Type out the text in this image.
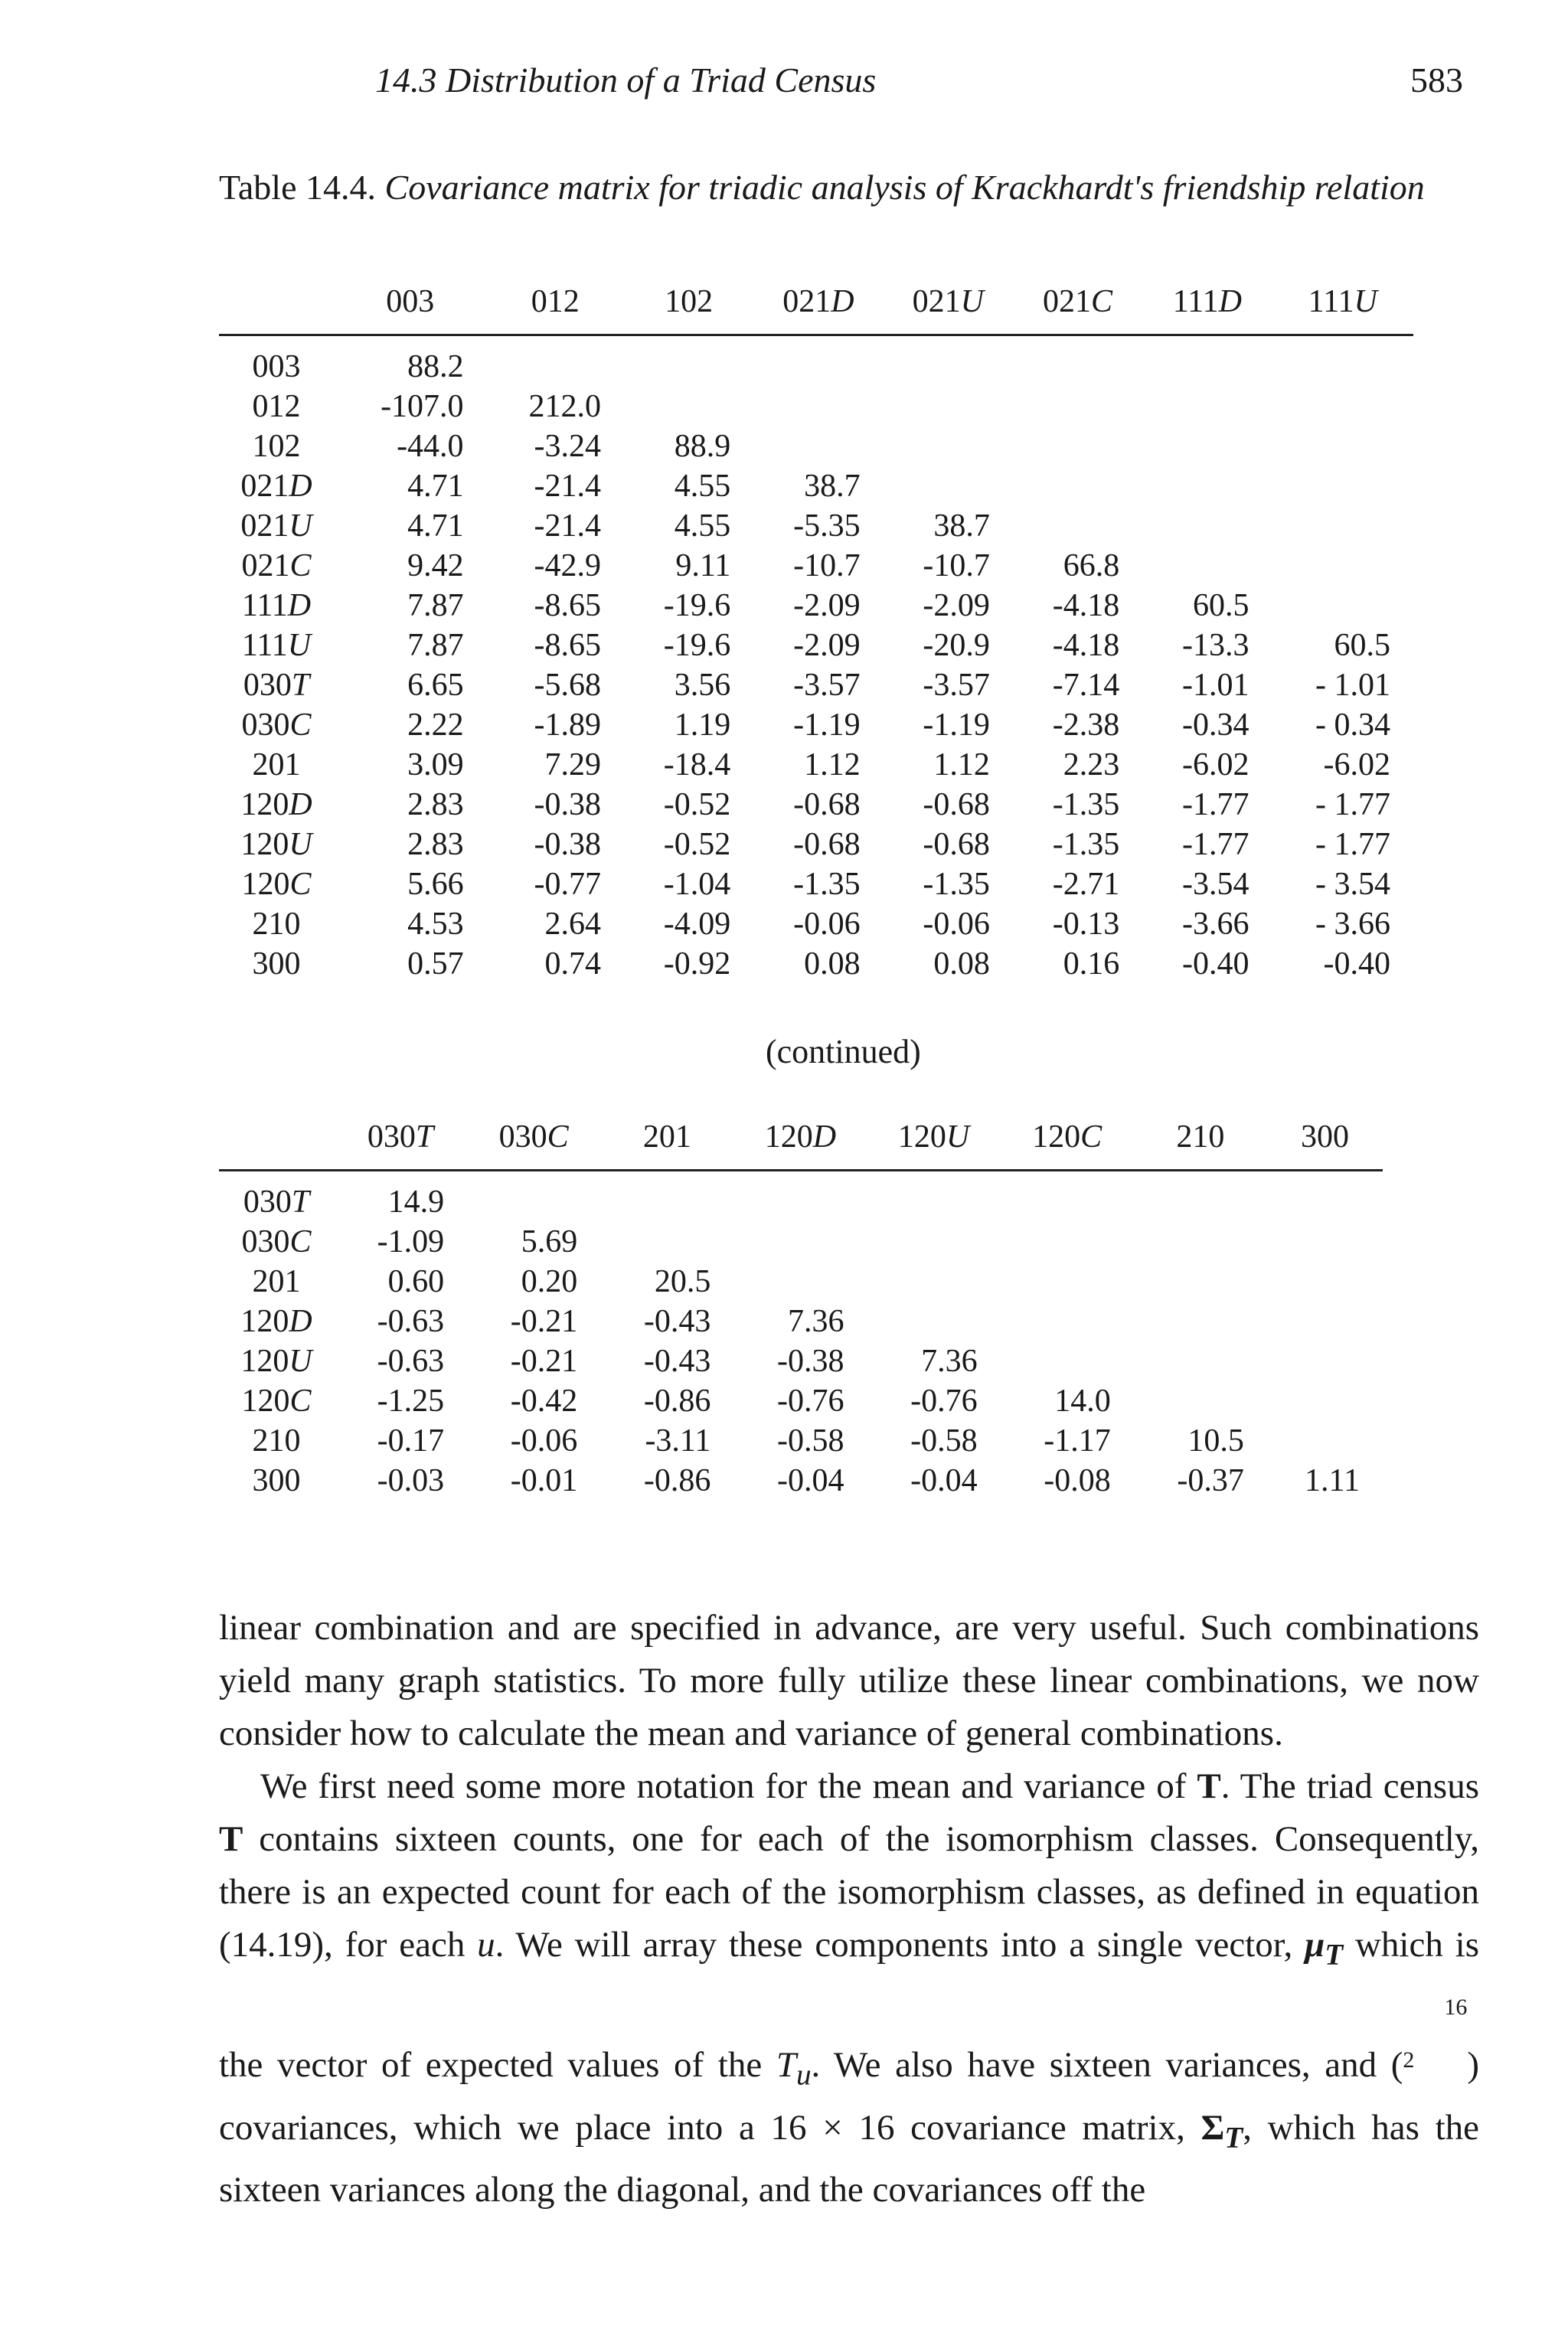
14.3 Distribution of a Triad Census	583
Table 14.4. Covariance matrix for triadic analysis of Krackhardt's friendship relation
	003	012	102	021D	021U	021C	111D	111U

003	88.2							
012	-107.0	212.0						
102	-44.0	-3.24	88.9					
021D	4.71	-21.4	4.55	38.7				
021U	4.71	-21.4	4.55	-5.35	38.7			
021C	9.42	-42.9	9.11	-10.7	-10.7	66.8		
111D	7.87	-8.65	-19.6	-2.09	-2.09	-4.18	60.5	
111U	7.87	-8.65	-19.6	-2.09	-20.9	-4.18	-13.3	60.5
030T	6.65	-5.68	3.56	-3.57	-3.57	-7.14	-1.01	- 1.01
030C	2.22	-1.89	1.19	-1.19	-1.19	-2.38	-0.34	- 0.34
201	3.09	7.29	-18.4	1.12	1.12	2.23	-6.02	-6.02
120D	2.83	-0.38	-0.52	-0.68	-0.68	-1.35	-1.77	- 1.77
120U	2.83	-0.38	-0.52	-0.68	-0.68	-1.35	-1.77	- 1.77
120C	5.66	-0.77	-1.04	-1.35	-1.35	-2.71	-3.54	- 3.54
210	4.53	2.64	-4.09	-0.06	-0.06	-0.13	-3.66	- 3.66
300	0.57	0.74	-0.92	0.08	0.08	0.16	-0.40	-0.40
(continued)
	030T	030C	201	120D	120U	120C	210	300

030T	14.9							
030C	-1.09	5.69						
201	0.60	0.20	20.5					
120D	-0.63	-0.21	-0.43	7.36				
120U	-0.63	-0.21	-0.43	-0.38	7.36			
120C	-1.25	-0.42	-0.86	-0.76	-0.76	14.0		
210	-0.17	-0.06	-3.11	-0.58	-0.58	-1.17	10.5	
300	-0.03	-0.01	-0.86	-0.04	-0.04	-0.08	-0.37	1.11

linear combination and are specified in advance, are very useful. Such combinations yield many graph statistics. To more fully utilize these linear combinations, we now consider how to calculate the mean and variance of general combinations.

We first need some more notation for the mean and variance of T. The triad census T contains sixteen counts, one for each of the isomorphism classes. Consequently, there is an expected count for each of the isomorphism classes, as defined in equation (14.19), for each u. We will array these components into a single vector, $\mu_T$ which is the vector of expected values of the $T_u$. We also have sixteen variances, and (16
2 ) covariances, which we place into a 16 × 16 covariance matrix, $\Sigma_T$, which has the sixteen variances along the diagonal, and the covariances off the
